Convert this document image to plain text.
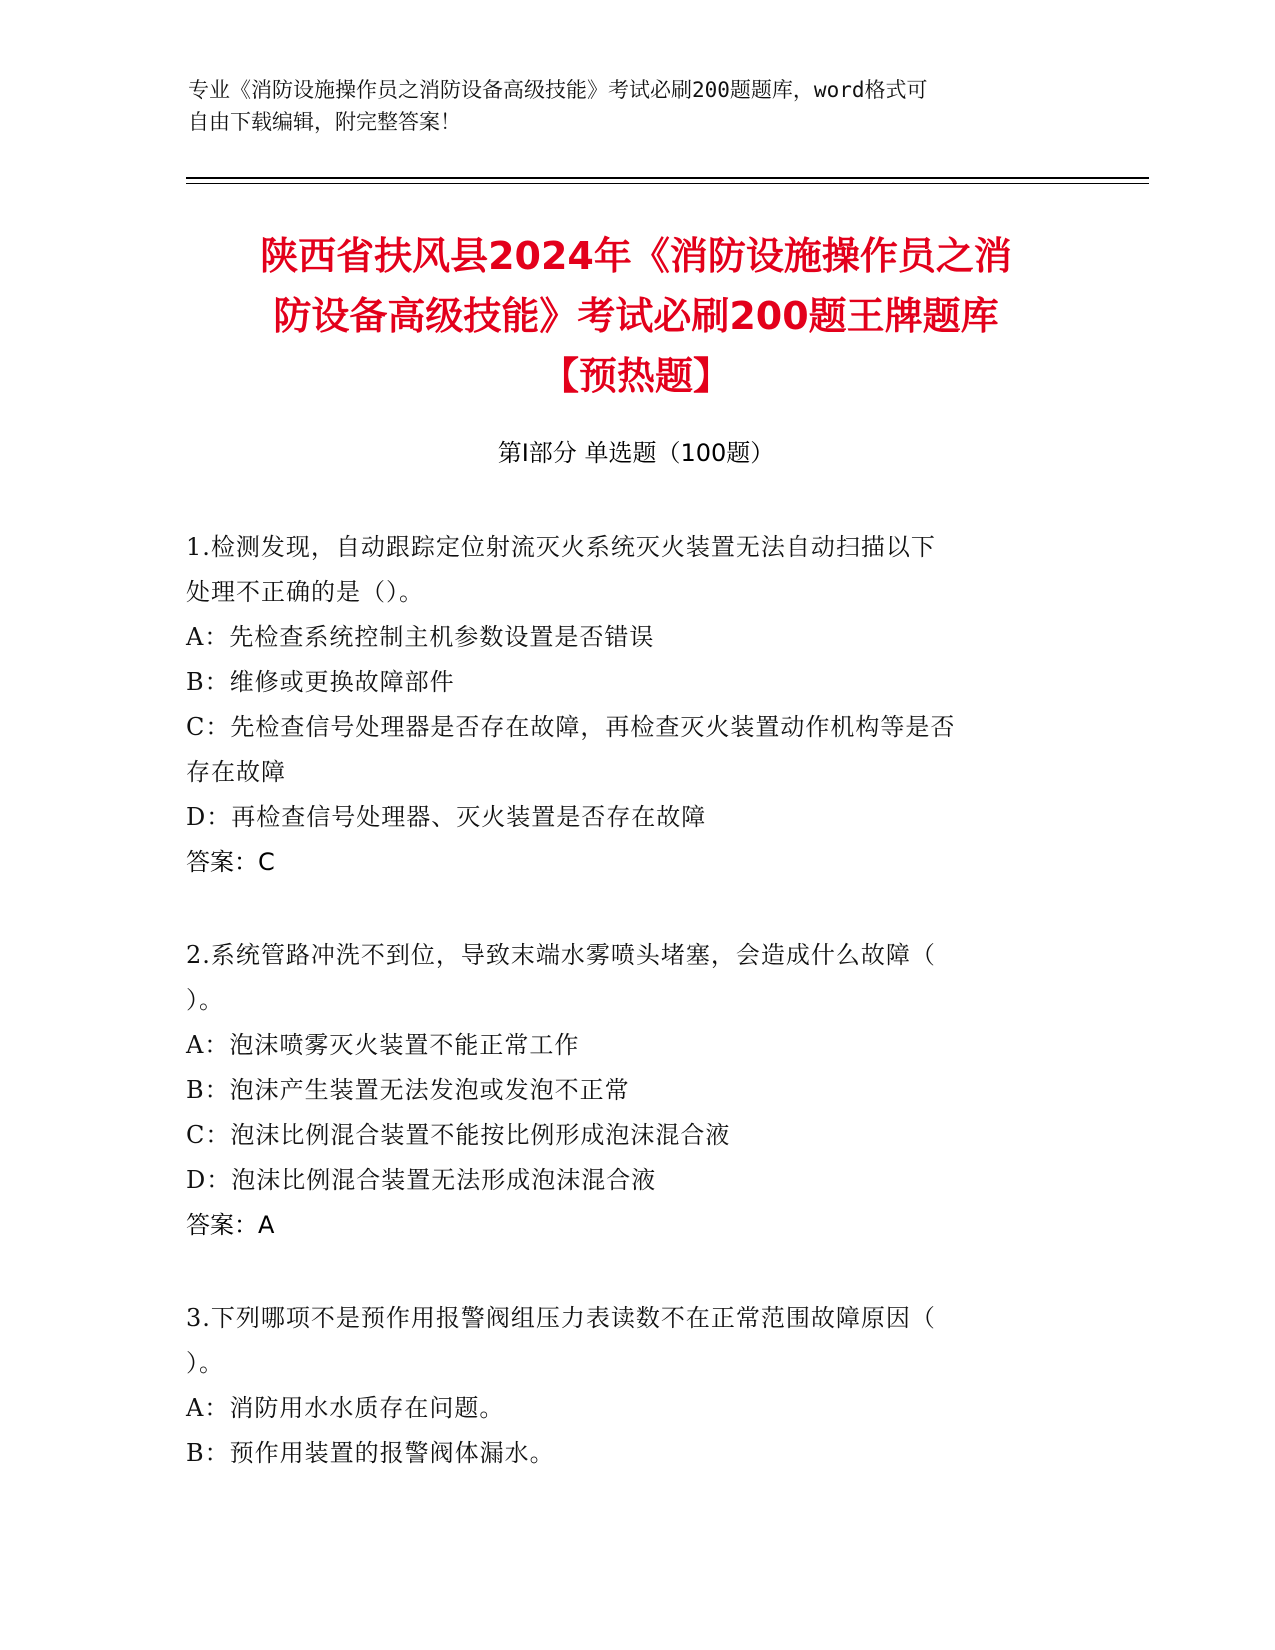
专业《消防设施操作员之消防设备高级技能》考试必刷200题题库，word格式可
自由下载编辑，附完整答案！
陕西省扶风县2024年《消防设施操作员之消
防设备高级技能》考试必刷200题王牌题库
【预热题】
第I部分 单选题（100题）
1.检测发现，自动跟踪定位射流灭火系统灭火装置无法自动扫描以下
处理不正确的是（）。
A：先检查系统控制主机参数设置是否错误
B：维修或更换故障部件
C：先检查信号处理器是否存在故障，再检查灭火装置动作机构等是否
存在故障
D：再检查信号处理器、灭火装置是否存在故障
答案：C
2.系统管路冲洗不到位，导致末端水雾喷头堵塞，会造成什么故障（
）。
A：泡沫喷雾灭火装置不能正常工作
B：泡沫产生装置无法发泡或发泡不正常
C：泡沫比例混合装置不能按比例形成泡沫混合液
D：泡沫比例混合装置无法形成泡沫混合液
答案：A
3.下列哪项不是预作用报警阀组压力表读数不在正常范围故障原因（
）。
A：消防用水水质存在问题。
B：预作用装置的报警阀体漏水。
